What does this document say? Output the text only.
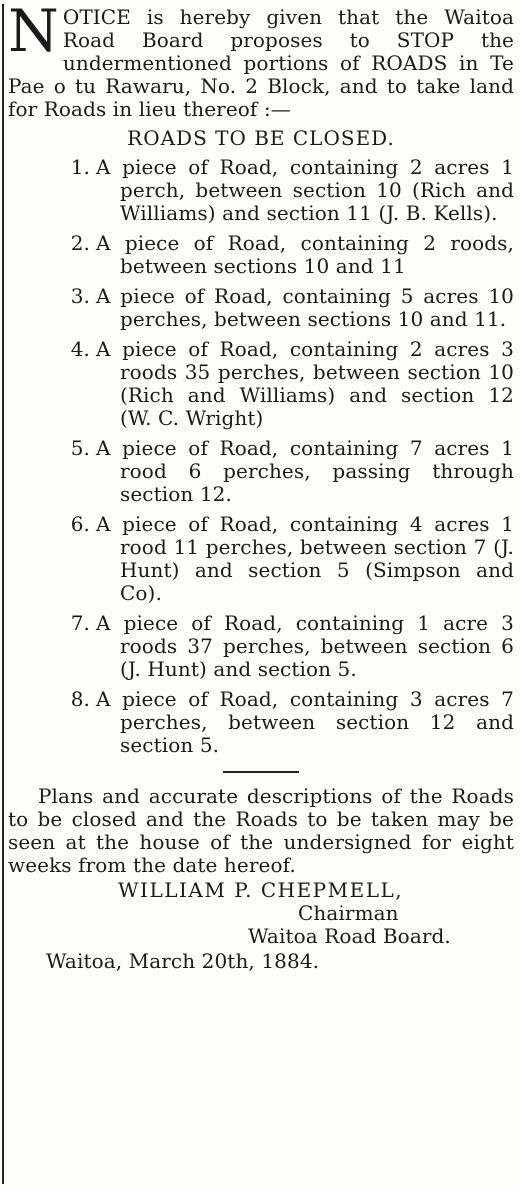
NOTICE is hereby given that the Waitoa Road Board proposes to STOP the undermentioned portions of ROADS in Te Pae o tu Rawaru, No. 2 Block, and to take land for Roads in lieu thereof :—

ROADS TO BE CLOSED.
1. A piece of Road, containing 2 acres 1 perch, between section 10 (Rich and Williams) and section 11 (J. B. Kells).
2. A piece of Road, containing 2 roods, between sections 10 and 11
3. A piece of Road, containing 5 acres 10 perches, between sections 10 and 11.
4. A piece of Road, containing 2 acres 3 roods 35 perches, between section 10 (Rich and Williams) and section 12 (W. C. Wright)
5. A piece of Road, containing 7 acres 1 rood 6 perches, passing through section 12.
6. A piece of Road, containing 4 acres 1 rood 11 perches, between section 7 (J. Hunt) and section 5 (Simpson and Co).
7. A piece of Road, containing 1 acre 3 roods 37 perches, between section 6 (J. Hunt) and section 5.
8. A piece of Road, containing 3 acres 7 perches, between section 12 and section 5.

Plans and accurate descriptions of the Roads to be closed and the Roads to be taken may be seen at the house of the undersigned for eight weeks from the date hereof.

WILLIAM P. CHEPMELL,
Chairman
Waitoa Road Board.
Waitoa, March 20th, 1884.
